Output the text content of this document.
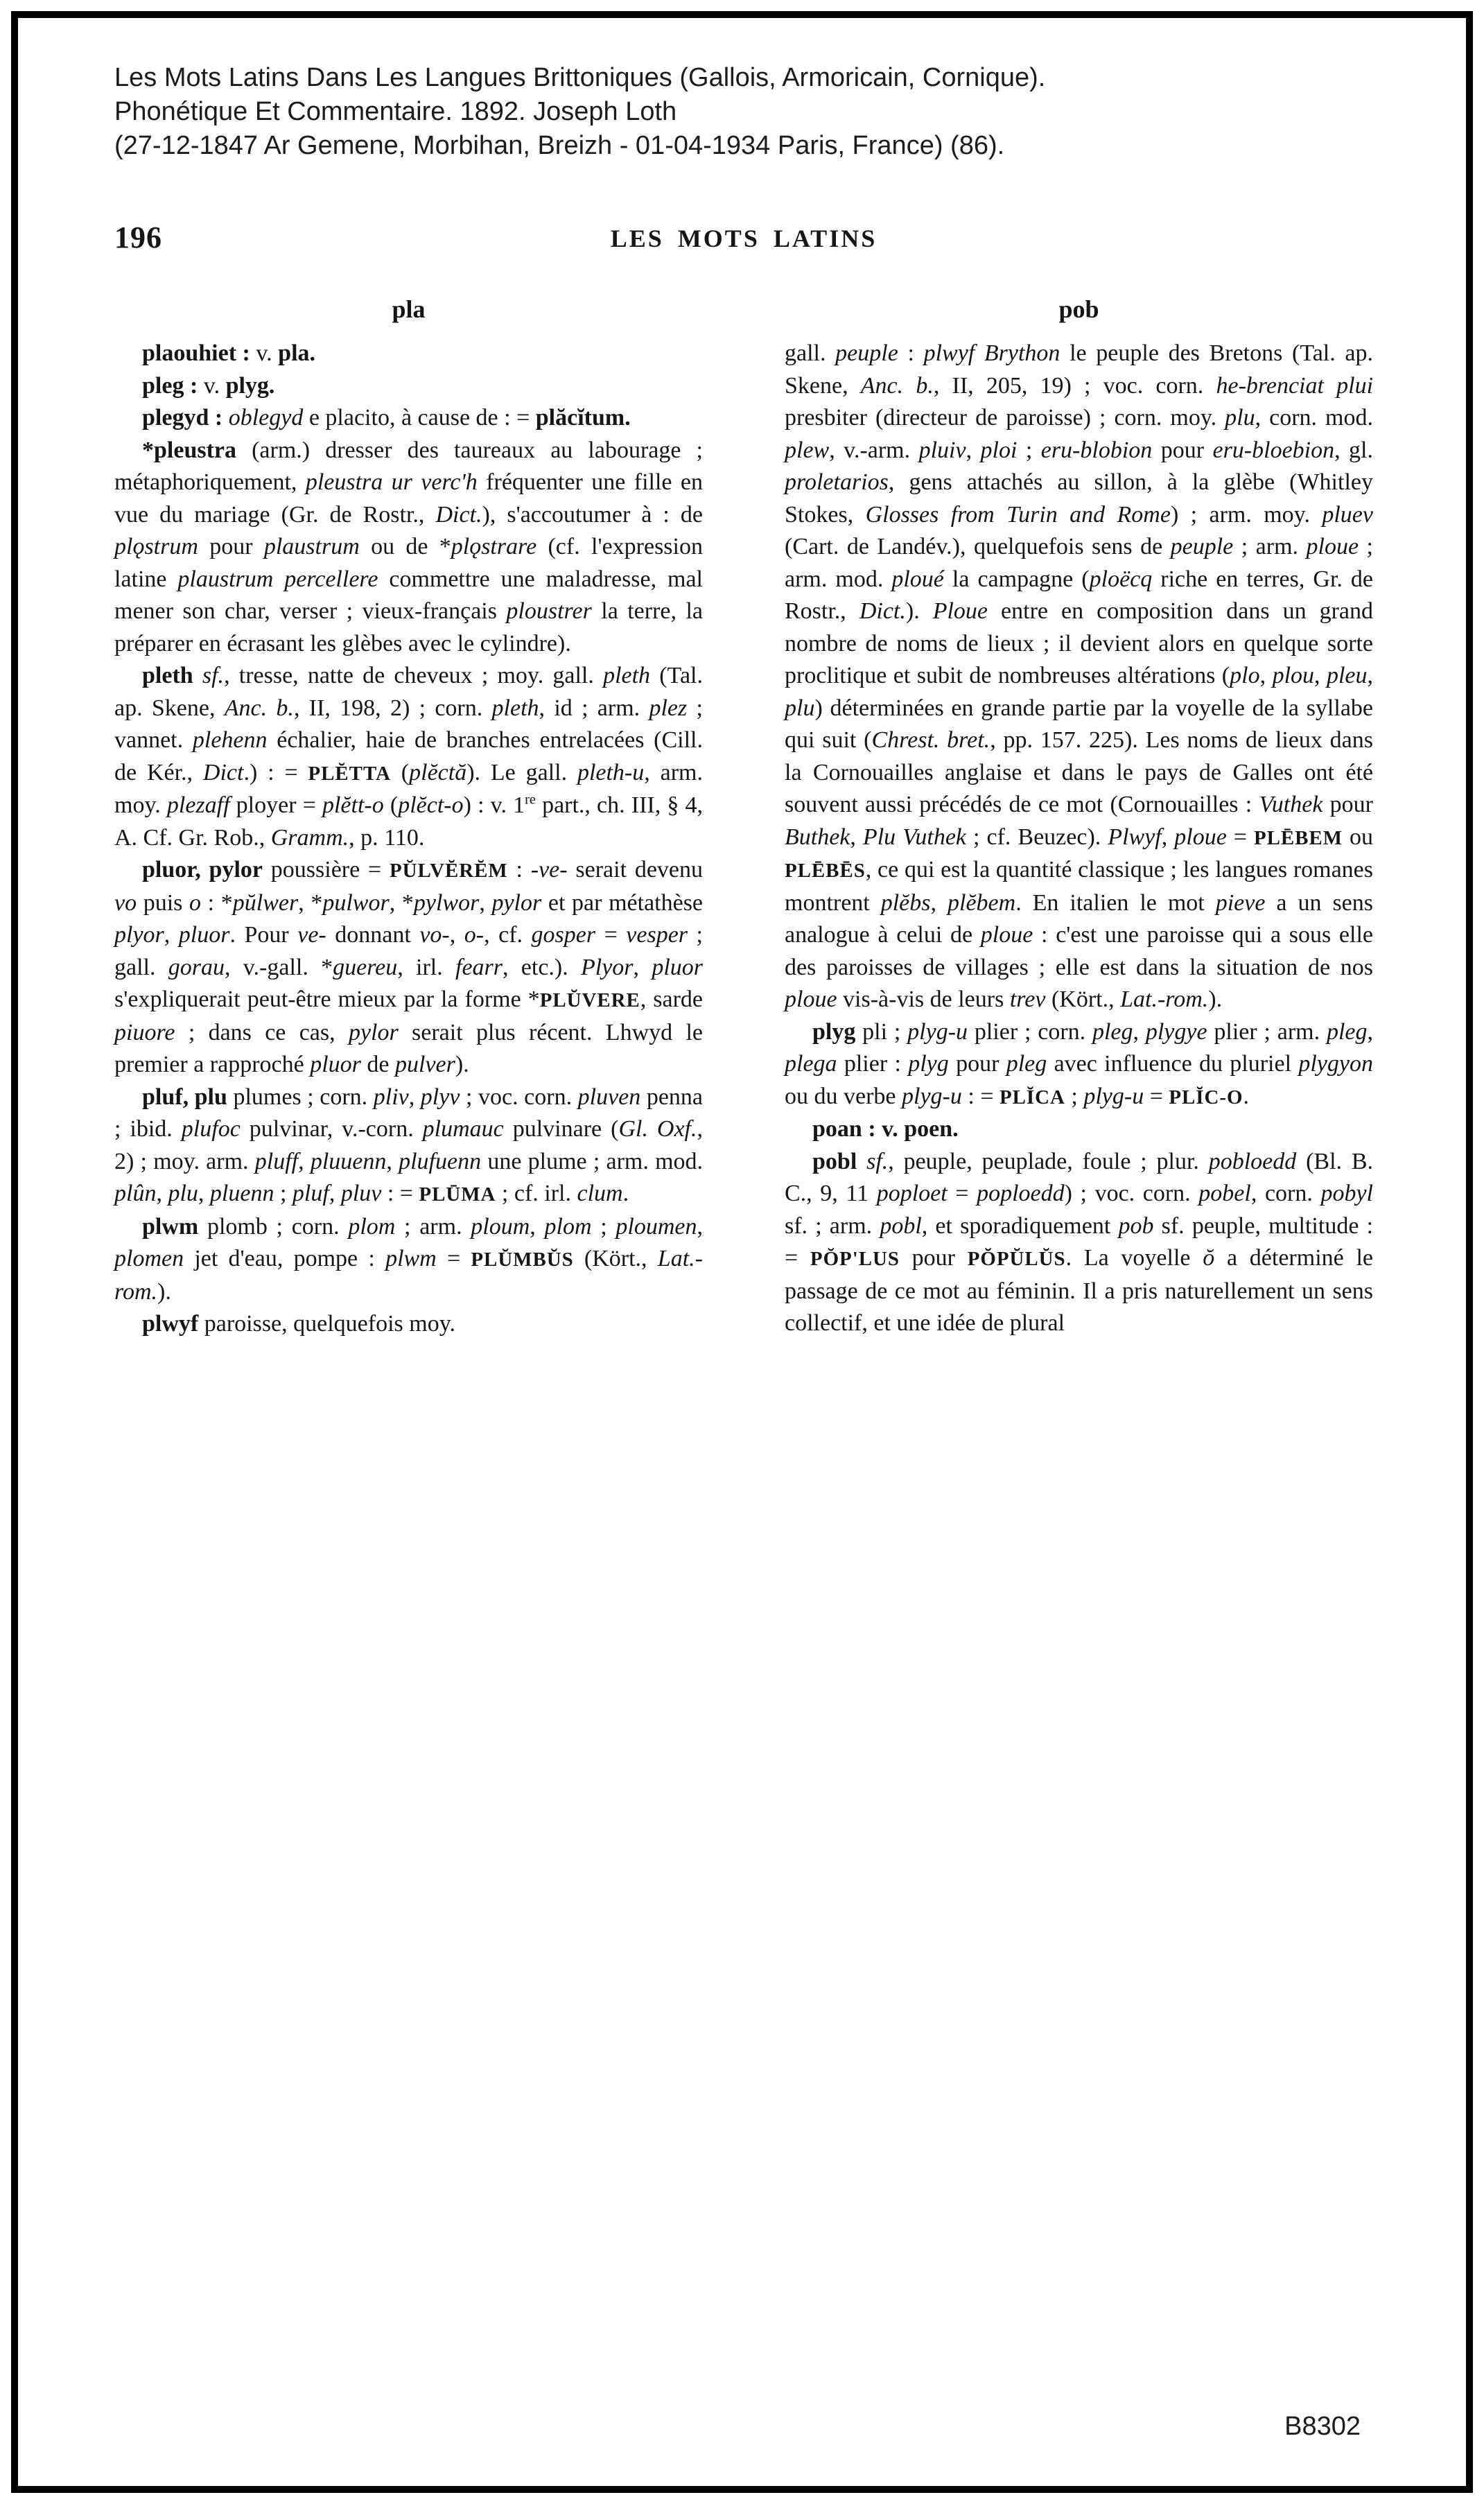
Les Mots Latins Dans Les Langues Brittoniques (Gallois, Armoricain, Cornique).
Phonétique Et Commentaire. 1892. Joseph Loth
(27-12-1847 Ar Gemene, Morbihan, Breizh - 01-04-1934 Paris, France) (86).
196	LES MOTS LATINS
pla

plaouhiet : v. pla.

pleg : v. plyg.

plegyd : oblegyd e placito, à cause de : = plăcĭtum.

*pleustra (arm.) dresser des taureaux au labourage ; métaphoriquement, pleustra ur verc'h fréquenter une fille en vue du mariage (Gr. de Rostr., Dict.), s'accoutumer à : de plǫstrum pour plaustrum ou de *plǫstrare (cf. l'expression latine plaustrum percellere commettre une maladresse, mal mener son char, verser ; vieux-français ploustrer la terre, la préparer en écrasant les glèbes avec le cylindre).

pleth sf., tresse, natte de cheveux ; moy. gall. pleth (Tal. ap. Skene, Anc. b., II, 198, 2) ; corn. pleth, id ; arm. plez ; vannet. plehenn échalier, haie de branches entrelacées (Cill. de Kér., Dict.) : = PLĔTTA (plĕctă). Le gall. pleth-u, arm. moy. plezaff ployer = plĕtt-o (plĕct-o) : v. 1re part., ch. III, § 4, A. Cf. Gr. Rob., Gramm., p. 110.

pluor, pylor poussière = PŬLVĔRĔM : -ve- serait devenu vo puis o : *pŭlwer, *pulwor, *pylwor, pylor et par métathèse plyor, pluor. Pour ve- donnant vo-, o-, cf. gosper = vesper ; gall. gorau, v.-gall. *guereu, irl. fearr, etc.). Plyor, pluor s'expliquerait peut-être mieux par la forme *PLŬVERE, sarde piuore ; dans ce cas, pylor serait plus récent. Lhwyd le premier a rapproché pluor de pulver).

pluf, plu plumes ; corn. pliv, plyv ; voc. corn. pluven penna ; ibid. plufoc pulvinar, v.-corn. plumauc pulvinare (Gl. Oxf., 2) ; moy. arm. pluff, pluuenn, plufuenn une plume ; arm. mod. plûn, plu, pluenn ; pluf, pluv : = PLŪMA ; cf. irl. clum.

plwm plomb ; corn. plom ; arm. ploum, plom ; ploumen, plomen jet d'eau, pompe : plwm = PLŬMBŬS (Kört., Lat.-rom.).

plwyf paroisse, quelquefois moy.

pob

gall. peuple : plwyf Brython le peuple des Bretons (Tal. ap. Skene, Anc. b., II, 205, 19) ; voc. corn. he-brenciat plui presbiter (directeur de paroisse) ; corn. moy. plu, corn. mod. plew, v.-arm. pluiv, ploi ; eru-blobion pour eru-bloebion, gl. proletarios, gens attachés au sillon, à la glèbe (Whitley Stokes, Glosses from Turin and Rome) ; arm. moy. pluev (Cart. de Landév.), quelquefois sens de peuple ; arm. ploue ; arm. mod. ploué la campagne (ploëcq riche en terres, Gr. de Rostr., Dict.). Ploue entre en composition dans un grand nombre de noms de lieux ; il devient alors en quelque sorte proclitique et subit de nombreuses altérations (plo, plou, pleu, plu) déterminées en grande partie par la voyelle de la syllabe qui suit (Chrest. bret., pp. 157. 225). Les noms de lieux dans la Cornouailles anglaise et dans le pays de Galles ont été souvent aussi précédés de ce mot (Cornouailles : Vuthek pour Buthek, Plu Vuthek ; cf. Beuzec). Plwyf, ploue = PLĒBEM ou PLĒBĒS, ce qui est la quantité classique ; les langues romanes montrent plĕbs, plĕbem. En italien le mot pieve a un sens analogue à celui de ploue : c'est une paroisse qui a sous elle des paroisses de villages ; elle est dans la situation de nos ploue vis-à-vis de leurs trev (Kört., Lat.-rom.).

plyg pli ; plyg-u plier ; corn. pleg, plygye plier ; arm. pleg, plega plier : plyg pour pleg avec influence du pluriel plygyon ou du verbe plyg-u : = PLĬCA ; plyg-u = PLĬC-O.

poan : v. poen.

pobl sf., peuple, peuplade, foule ; plur. pobloedd (Bl. B. C., 9, 11 poploet = poploedd) ; voc. corn. pobel, corn. pobyl sf. ; arm. pobl, et sporadiquement pob sf. peuple, multitude : = PŎP'LUS pour PŎPŬLŬS. La voyelle ŏ a déterminé le passage de ce mot au féminin. Il a pris naturellement un sens collectif, et une idée de plural

B8302
